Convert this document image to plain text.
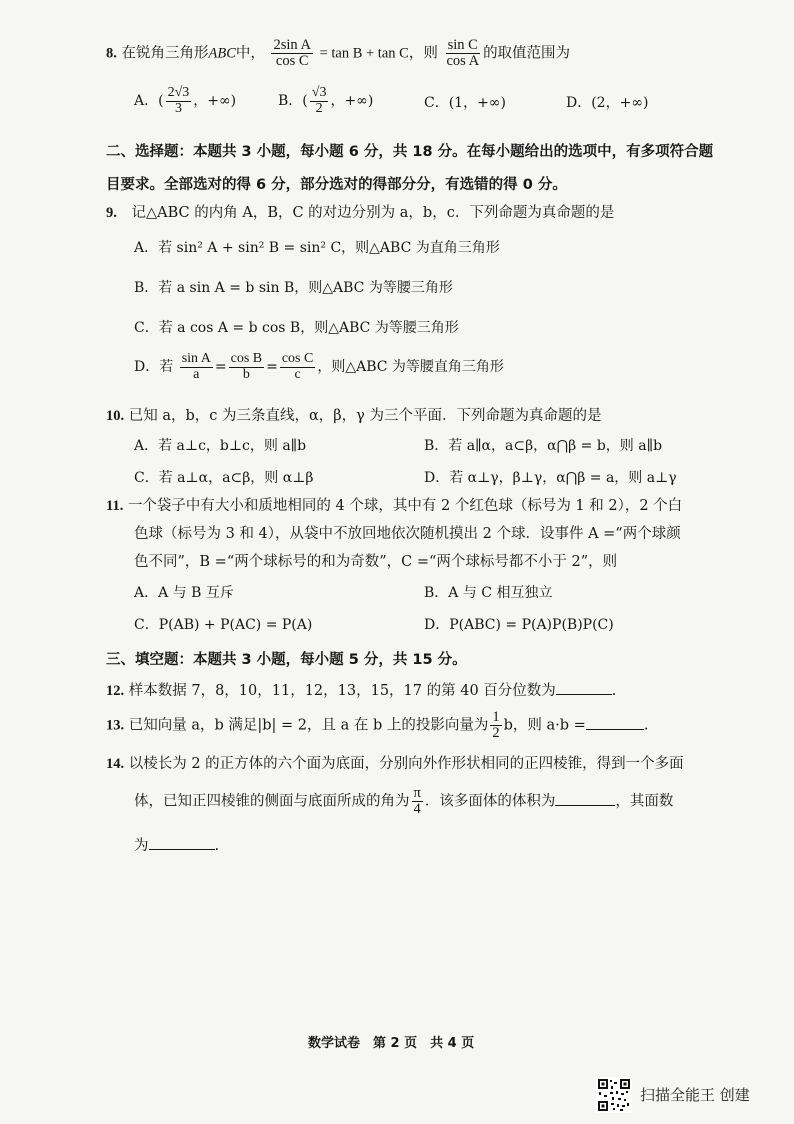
8. 在锐角三角形ABC中， $\frac{\text{2sin A}}{\text{cos C}} = \tan B + \tan C$，则 $\frac{\text{sin C}}{\text{cos A}}$ 的取值范围为
A．( $\frac{2√3}{3}$ ，+∞)	B．( $\frac{√3}{2}$ ，+∞)	C．(1，+∞)	D．(2，+∞)
二、选择题：本题共 3 小题，每小题 6 分，共 18 分。在每小题给出的选项中，有多项符合题
目要求。全部选对的得 6 分，部分选对的得部分分，有选错的得 0 分。
9. 记△ABC 的内角 A，B，C 的对边分别为 a，b，c．下列命题为真命题的是
A．若 sin² A + sin² B = sin² C，则△ABC 为直角三角形
B．若 a sin A = b sin B，则△ABC 为等腰三角形
C．若 a cos A = b cos B，则△ABC 为等腰三角形
D．若 $\frac{\text{sin A}}{a} = \frac{\text{cos B}}{b} = \frac{\text{cos C}}{c}$ ，则△ABC 为等腰直角三角形
10. 已知 a，b，c 为三条直线，α，β，γ 为三个平面．下列命题为真命题的是
A．若 a⊥c，b⊥c，则 a∥b	B．若 a∥α，a⊂β，α⋂β = b，则 a∥b
C．若 a⊥α，a⊂β，则 α⊥β	D．若 α⊥γ，β⊥γ，α⋂β = a，则 a⊥γ
11. 一个袋子中有大小和质地相同的 4 个球，其中有 2 个红色球（标号为 1 和 2），2 个白
色球（标号为 3 和 4），从袋中不放回地依次随机摸出 2 个球．设事件 A =“两个球颜
色不同”，B =“两个球标号的和为奇数”，C =“两个球标号都不小于 2”，则
A．A 与 B 互斥	B．A 与 C 相互独立
C．P(AB) + P(AC) = P(A)	D．P(ABC) = P(A)P(B)P(C)
三、填空题：本题共 3 小题，每小题 5 分，共 15 分。
12. 样本数据 7，8，10，11，12，13，15，17 的第 40 百分位数为	.
13. 已知向量 a，b 满足|b| = 2，且 a 在 b 上的投影向量为 $\frac{1}{2}$ b，则 a·b =	.
14. 以棱长为 2 的正方体的六个面为底面，分别向外作形状相同的正四棱锥，得到一个多面
体，已知正四棱锥的侧面与底面所成的角为 $\frac{\pi}{4}$ ．该多面体的体积为	，其面数
为	.
数学试卷　第 2 页　共 4 页
扫描全能王 创建
